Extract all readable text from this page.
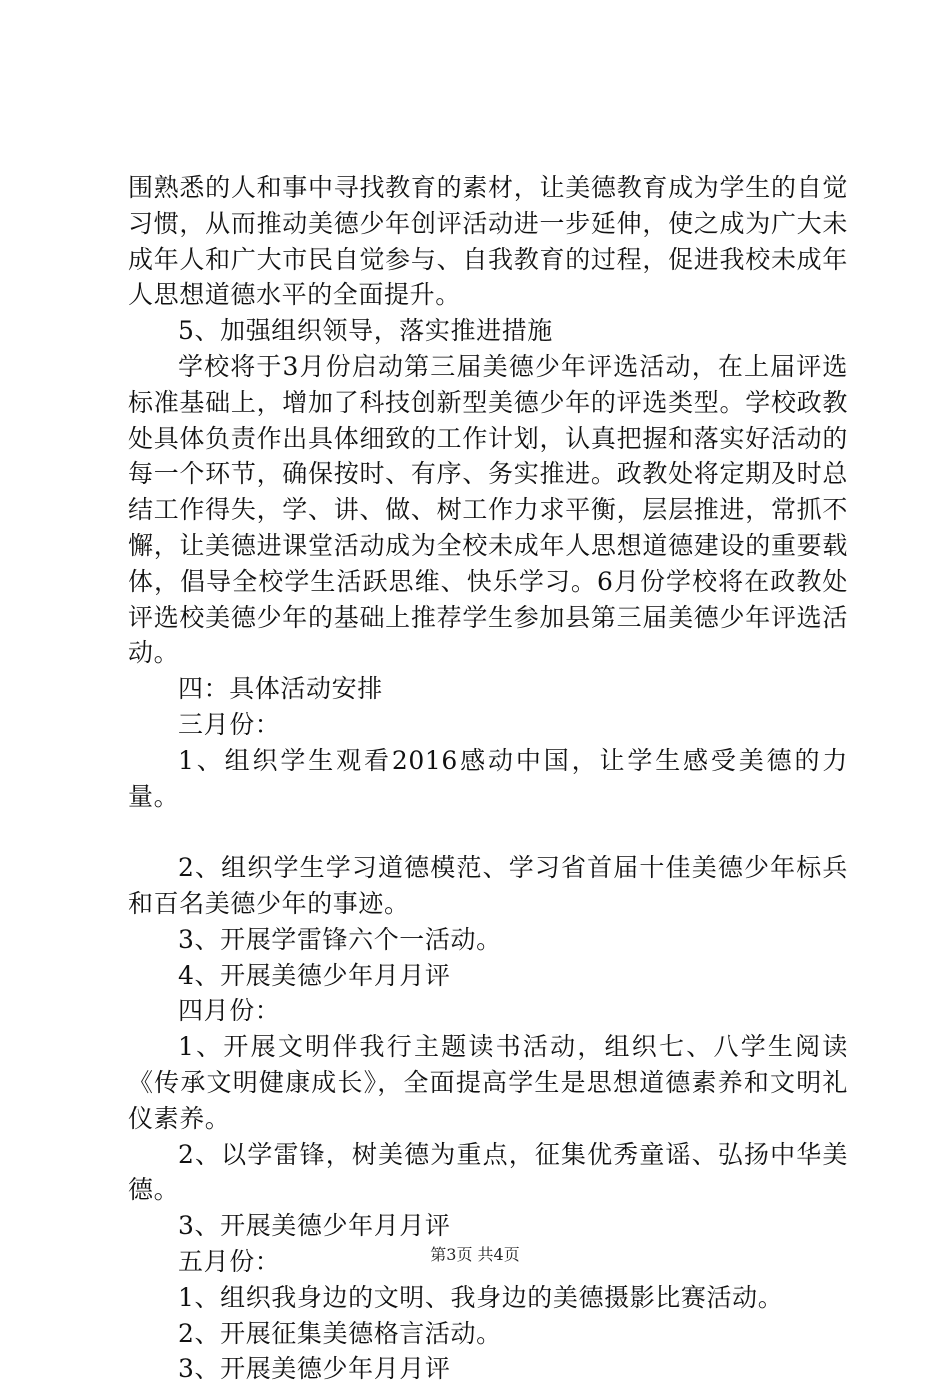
围熟悉的人和事中寻找教育的素材，让美德教育成为学生的自觉习惯，从而推动美德少年创评活动进一步延伸，使之成为广大未成年人和广大市民自觉参与、自我教育的过程，促进我校未成年人思想道德水平的全面提升。

5、加强组织领导，落实推进措施

学校将于3月份启动第三届美德少年评选活动，在上届评选标准基础上，增加了科技创新型美德少年的评选类型。学校政教处具体负责作出具体细致的工作计划，认真把握和落实好活动的每一个环节，确保按时、有序、务实推进。政教处将定期及时总结工作得失，学、讲、做、树工作力求平衡，层层推进，常抓不懈，让美德进课堂活动成为全校未成年人思想道德建设的重要载体，倡导全校学生活跃思维、快乐学习。6月份学校将在政教处评选校美德少年的基础上推荐学生参加县第三届美德少年评选活动。

四：具体活动安排

三月份：

1、组织学生观看2016感动中国，让学生感受美德的力量。

2、组织学生学习道德模范、学习省首届十佳美德少年标兵和百名美德少年的事迹。

3、开展学雷锋六个一活动。

4、开展美德少年月月评

四月份：

1、开展文明伴我行主题读书活动，组织七、八学生阅读《传承文明健康成长》，全面提高学生是思想道德素养和文明礼仪素养。

2、以学雷锋，树美德为重点，征集优秀童谣、弘扬中华美德。

3、开展美德少年月月评

五月份：

1、组织我身边的文明、我身边的美德摄影比赛活动。

2、开展征集美德格言活动。

3、开展美德少年月月评

第3页 共4页
